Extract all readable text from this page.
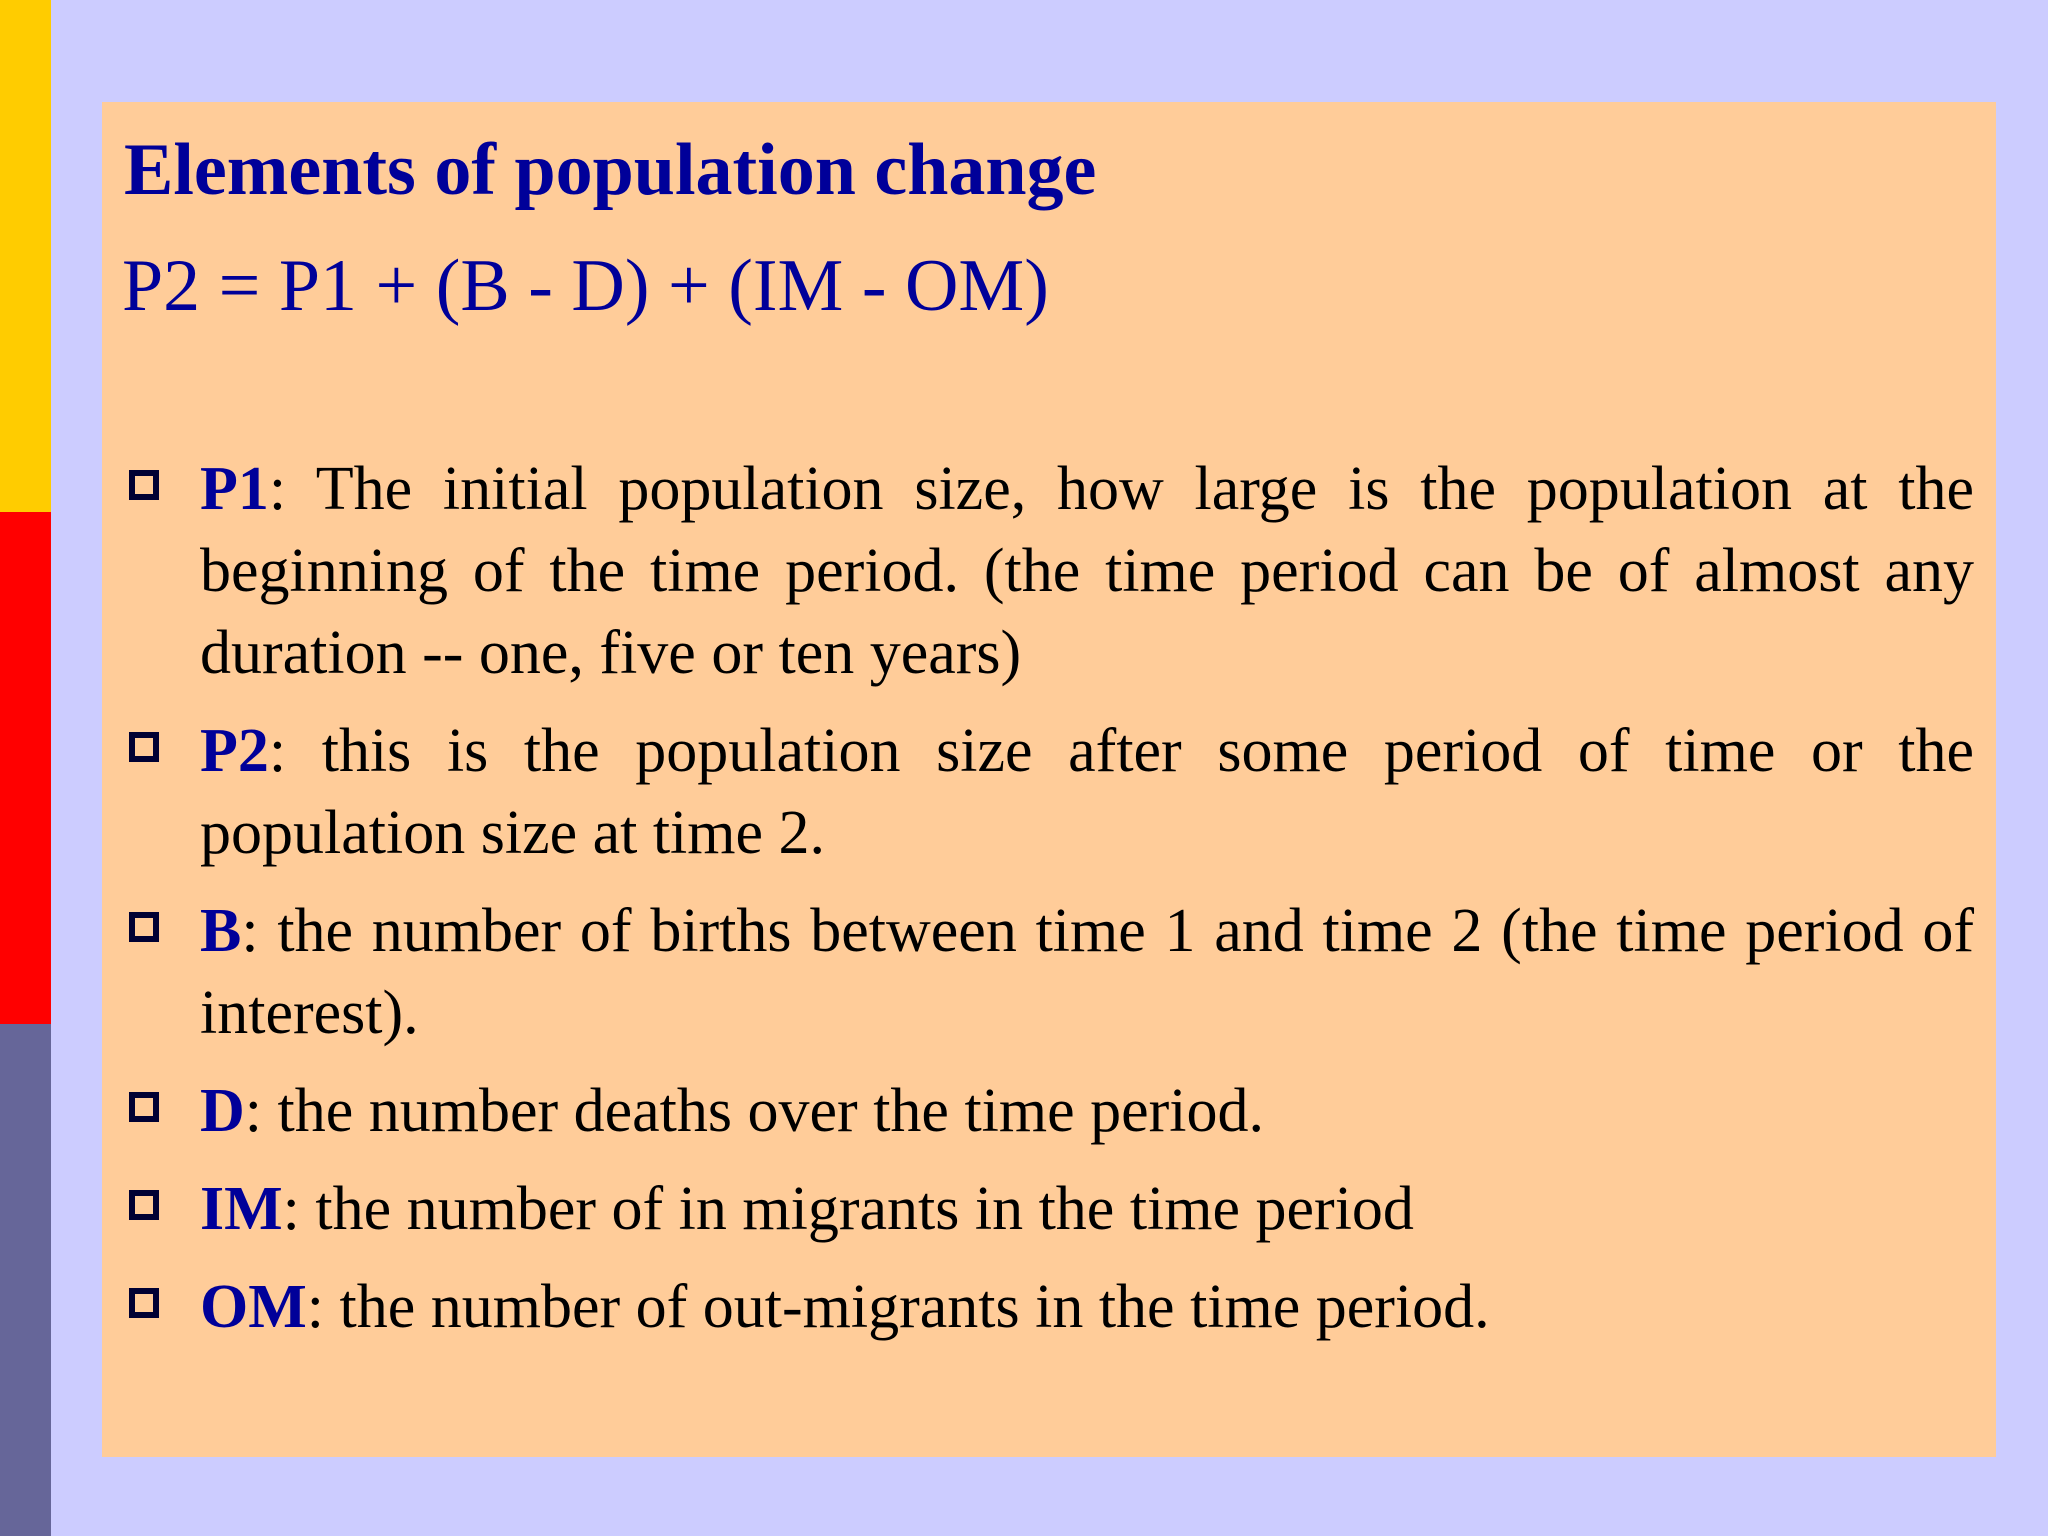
Elements of population change

P2 = P1 + (B - D) + (IM - OM)

P1: The initial population size, how large is the population at the beginning of the time period. (the time period can be of almost any duration -- one, five or ten years)
P2: this is the population size after some period of time or the population size at time 2.
B: the number of births between time 1 and time 2 (the time period of interest).
D: the number deaths over the time period.
IM: the number of in migrants in the time period
OM: the number of out-migrants in the time period.
